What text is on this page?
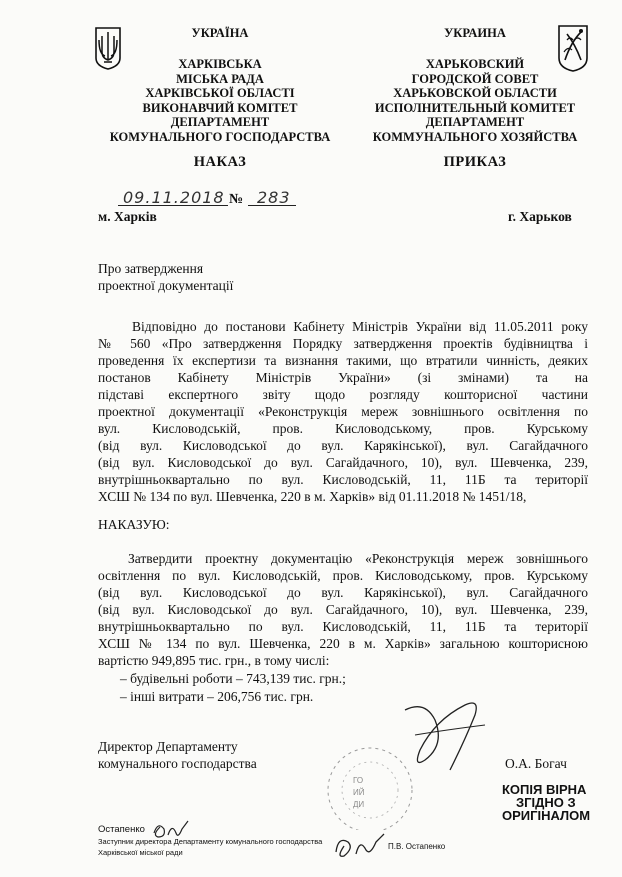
УКРАЇНА
ХАРКІВСЬКА
МІСЬКА РАДА
ХАРКІВСЬКОЇ ОБЛАСТІ
ВИКОНАВЧИЙ КОМІТЕТ
ДЕПАРТАМЕНТ
КОМУНАЛЬНОГО ГОСПОДАРСТВА
НАКАЗ
УКРАИНА
ХАРЬКОВСКИЙ
ГОРОДСКОЙ СОВЕТ
ХАРЬКОВСКОЙ ОБЛАСТИ
ИСПОЛНИТЕЛЬНЫЙ КОМИТЕТ
ДЕПАРТАМЕНТ
КОММУНАЛЬНОГО ХОЗЯЙСТВА
ПРИКАЗ
09.11.2018 № 283
м. Харків	г. Харьков
Про затвердження
проектної документації
Відповідно до постанови Кабінету Міністрів України від 11.05.2011 року
№ 560 «Про затвердження Порядку затвердження проектів будівництва і
проведення їх експертизи та визнання такими, що втратили чинність, деяких
постанов Кабінету Міністрів України» (зі змінами) та на
підставі експертного звіту щодо розгляду кошторисної частини
проектної документації «Реконструкція мереж зовнішнього освітлення по
вул. Кисловодській, пров. Кисловодському, пров. Курському
(від вул. Кисловодської до вул. Карякінської), вул. Сагайдачного
(від вул. Кисловодської до вул. Сагайдачного, 10), вул. Шевченка, 239,
внутрішньоквартально по вул. Кисловодській, 11, 11Б та території
ХСШ № 134 по вул. Шевченка, 220 в м. Харків» від 01.11.2018 № 1451/18,
НАКАЗУЮ:
Затвердити проектну документацію «Реконструкція мереж зовнішнього
освітлення по вул. Кисловодській, пров. Кисловодському, пров. Курському
(від вул. Кисловодської до вул. Карякінської), вул. Сагайдачного
(від вул. Кисловодської до вул. Сагайдачного, 10), вул. Шевченка, 239,
внутрішньоквартально по вул. Кисловодській, 11, 11Б та території
ХСШ № 134 по вул. Шевченка, 220 в м. Харків» загальною кошторисною
вартістю 949,895 тис. грн., в тому числі:
– будівельні роботи – 743,139 тис. грн.;
– інші витрати – 206,756 тис. грн.
Директор Департаменту
комунального господарства	О.А. Богач
ГО
ИЙ
ДИ
КОПІЯ ВІРНА
ЗГІДНО З
ОРИГІНАЛОМ
Остапенко
Заступник директора Департаменту комунального господарства
Харківської міської ради
П.В. Остапенко
